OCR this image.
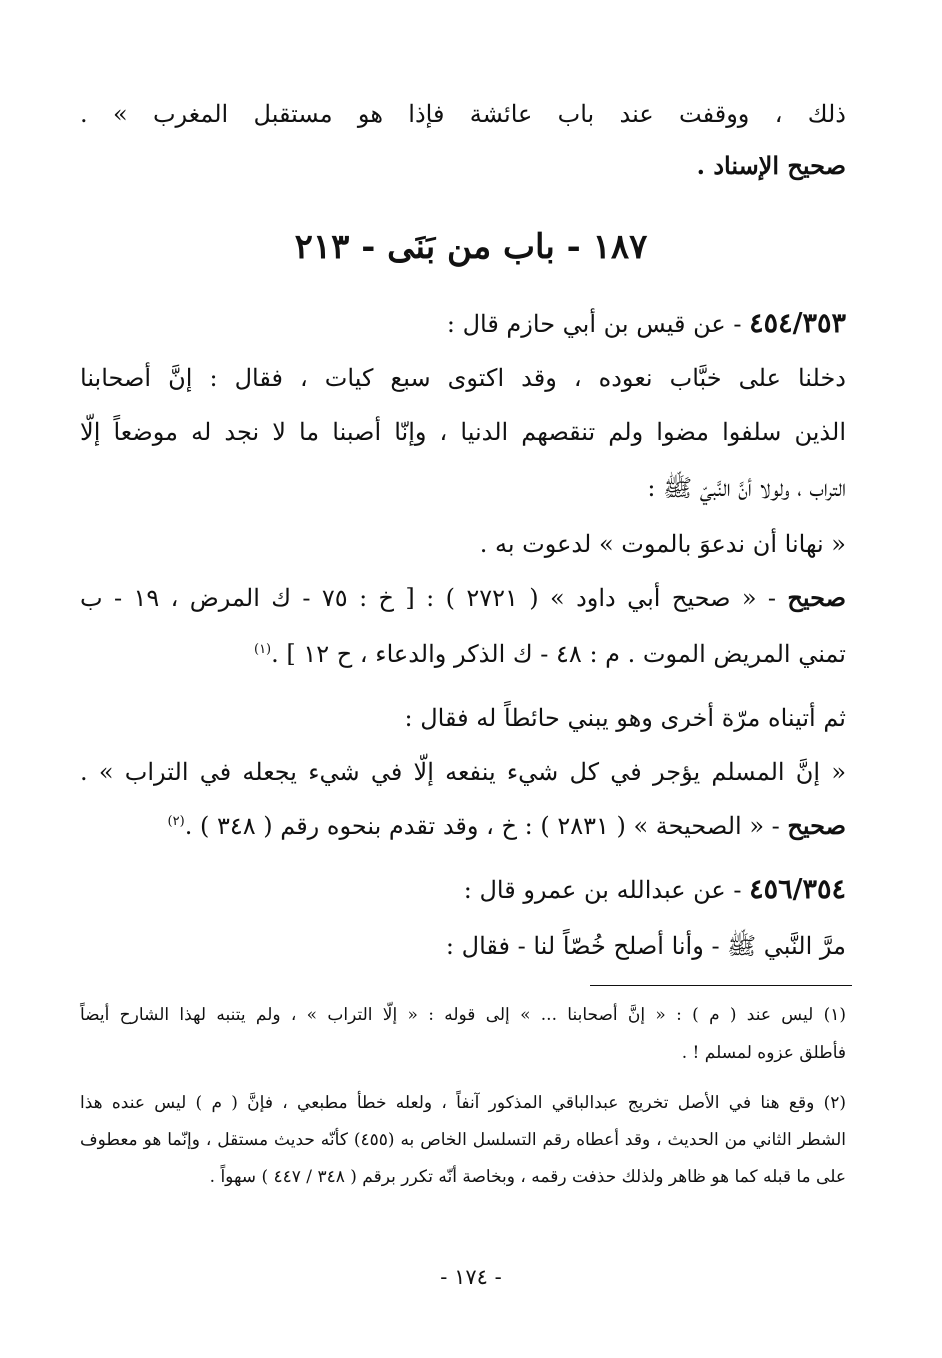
ذلك ، ووقفت عند باب عائشة فإذا هو مستقبل المغرب » .
صحيح الإسناد .
١٨٧ - باب من بَنَى - ٢١٣
٤٥٤/٣٥٣ - عن قيس بن أبي حازم قال :
دخلنا على خبَّاب نعوده ، وقد اكتوى سبع كيات ، فقال : إنَّ أصحابنا
الذين سلفوا مضوا ولم تنقصهم الدنيا ، وإنّا أصبنا ما لا نجد له موضعاً إلّا
التراب ، ولولا أنَّ النَّبيّ ﷺ :
« نهانا أن ندعوَ بالموت » لدعوت به .
صحيح - « صحيح أبي داود » ( ٢٧٢١ ) : [ خ : ٧٥ - ك المرض ، ١٩ - ب
تمني المريض الموت . م : ٤٨ - ك الذكر والدعاء ، ح ١٢ ] .$^{(١)}$
ثم أتيناه مرّة أخرى وهو يبني حائطاً له فقال :
« إنَّ المسلم يؤجر في كل شيء ينفعه إلّا في شيء يجعله في التراب » .
صحيح - « الصحيحة » ( ٢٨٣١ ) : خ ، وقد تقدم بنحوه رقم ( ٣٤٨ ) .$^{(٢)}$
٤٥٦/٣٥٤ - عن عبدالله بن عمرو قال :
مرَّ النَّبي ﷺ - وأنا أصلح خُصّاً لنا - فقال :
(١) ليس عند ( م ) : « إنَّ أصحابنا ... » إلى قوله : « إلّا التراب » ، ولم يتنبه لهذا الشارح أيضاً
فأطلق عزوه لمسلم ! .
(٢) وقع هنا في الأصل تخريج عبدالباقي المذكور آنفاً ، ولعله خطأ مطبعي ، فإنَّ ( م ) ليس عنده هذا
الشطر الثاني من الحديث ، وقد أعطاه رقم التسلسل الخاص به (٤٥٥) كأنّه حديث مستقل ، وإنّما هو معطوف
على ما قبله كما هو ظاهر ولذلك حذفت رقمه ، وبخاصة أنّه تكرر برقم ( ٣٤٨ / ٤٤٧ ) سهواً .
- ١٧٤ -
